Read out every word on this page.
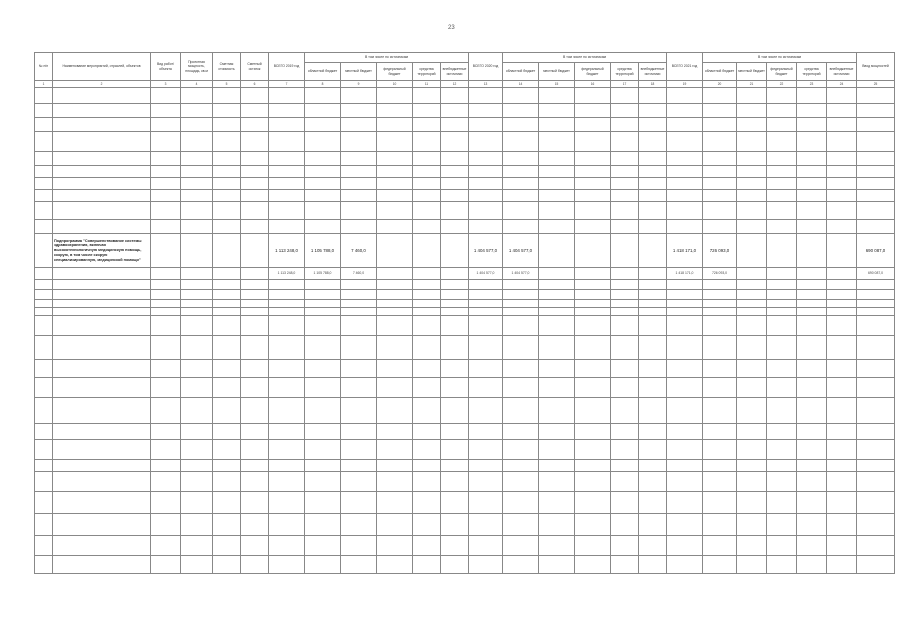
23
№ п/п	Наименование мероприятий, отраслей, объектов	Вид работ/ объекта	Проектная мощность, площадь, кв.м	Сметная стоимость	Сметный остаток	ВСЕГО 2019 год	В том числе по источникам					ВСЕГО 2020 год	В том числе по источникам					ВСЕГО 2021 год	В том числе по источникам					Ввод мощностей
							областной бюджет	местный бюджет	федеральный бюджет	средства территорий	внебюджетные источники		областной бюджет	местный бюджет	федеральный бюджет	средства территорий	внебюджетные источники		областной бюджет	местный бюджет	федеральный бюджет	средства территорий	внебюджетные источники	
1	2	3	4	5	6	7	8	9	10	11	12	13	14	15	16	17	18	19	20	21	22	23	24	25

	Подпрограмма "Совершенствование системы здравоохранения, включая высокотехнологичную медицинскую помощь, скорую, в том числе скорую специализированную, медицинской помощи"					1 113 248,0	1 105 788,0	7 460,0				1 404 577,0	1 404 577,0					1 418 171,0	726 093,0					690 087,0
						1 113 248,0	1 105 788,0	7 460,0				1 404 577,0	1 404 577,0					1 418 171,0	726 093,0					690 087,0
